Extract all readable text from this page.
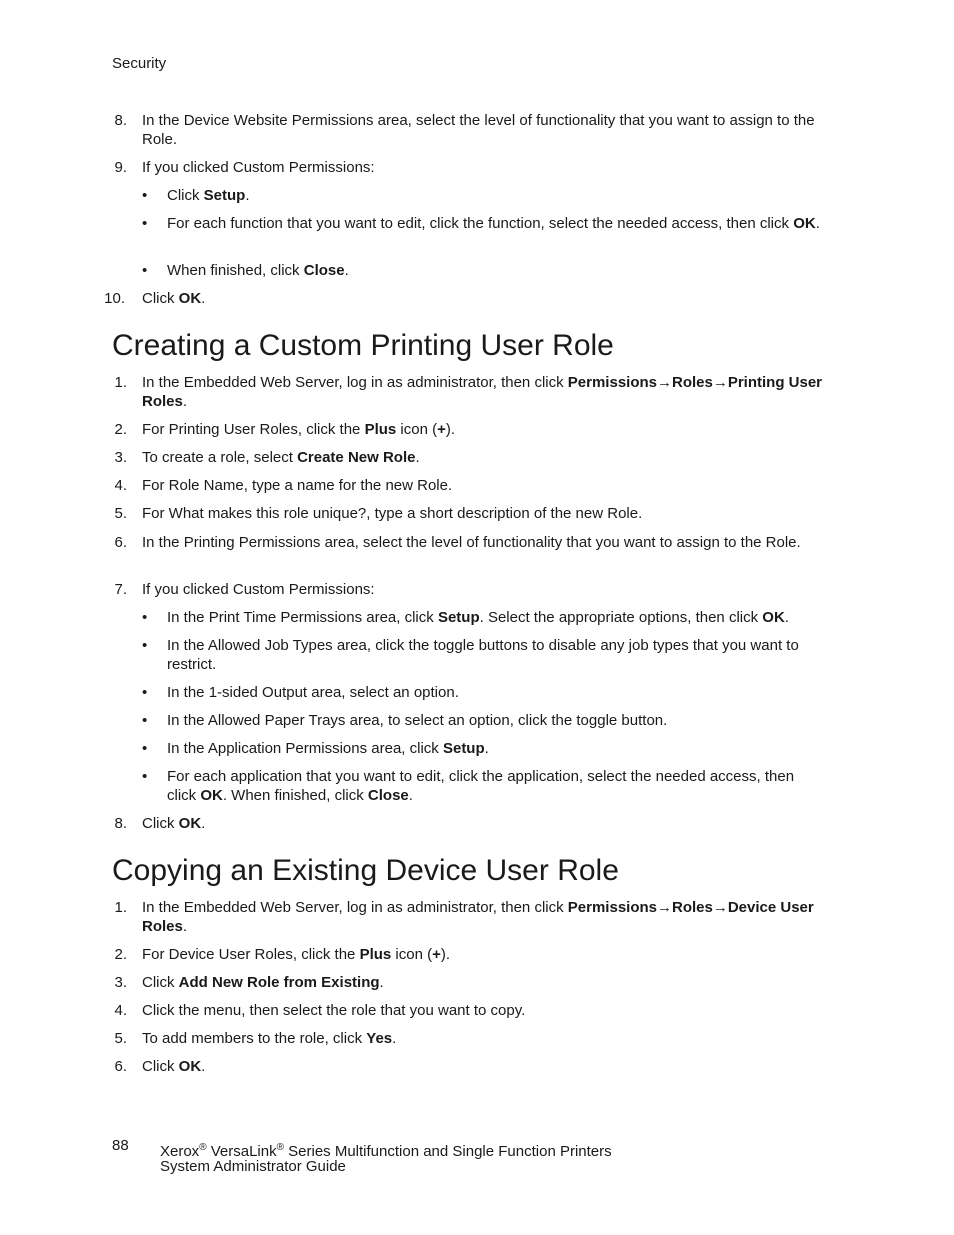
Security
8. In the Device Website Permissions area, select the level of functionality that you want to assign to the Role.
9. If you clicked Custom Permissions:
• Click Setup.
• For each function that you want to edit, click the function, select the needed access, then click OK.
• When finished, click Close.
10. Click OK.
Creating a Custom Printing User Role
1. In the Embedded Web Server, log in as administrator, then click Permissions→Roles→Printing User Roles.
2. For Printing User Roles, click the Plus icon (+).
3. To create a role, select Create New Role.
4. For Role Name, type a name for the new Role.
5. For What makes this role unique?, type a short description of the new Role.
6. In the Printing Permissions area, select the level of functionality that you want to assign to the Role.
7. If you clicked Custom Permissions:
• In the Print Time Permissions area, click Setup. Select the appropriate options, then click OK.
• In the Allowed Job Types area, click the toggle buttons to disable any job types that you want to restrict.
• In the 1-sided Output area, select an option.
• In the Allowed Paper Trays area, to select an option, click the toggle button.
• In the Application Permissions area, click Setup.
• For each application that you want to edit, click the application, select the needed access, then click OK. When finished, click Close.
8. Click OK.
Copying an Existing Device User Role
1. In the Embedded Web Server, log in as administrator, then click Permissions→Roles→Device User Roles.
2. For Device User Roles, click the Plus icon (+).
3. Click Add New Role from Existing.
4. Click the menu, then select the role that you want to copy.
5. To add members to the role, click Yes.
6. Click OK.
88 Xerox® VersaLink® Series Multifunction and Single Function Printers
System Administrator Guide
